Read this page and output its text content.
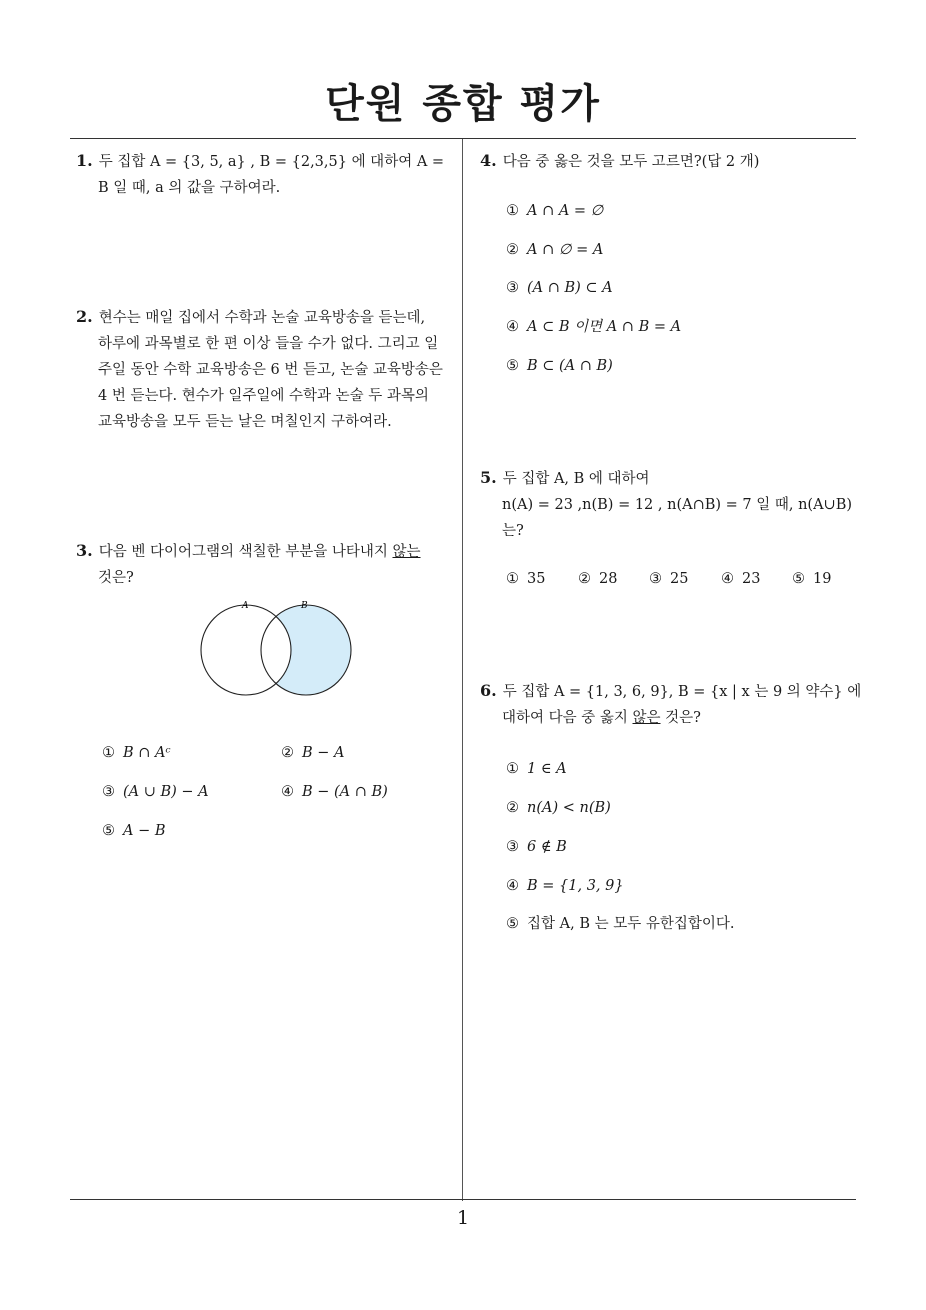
단원 종합 평가
1
1. 두 집합 A = {3, 5, a} , B = {2,3,5} 에 대하여 A =
B 일 때, a 의 값을 구하여라.
2. 현수는 매일 집에서 수학과 논술 교육방송을 듣는데,
하루에 과목별로 한 편 이상 들을 수가 없다. 그리고 일
주일 동안 수학 교육방송은 6 번 듣고, 논술 교육방송은
4 번 듣는다. 현수가 일주일에 수학과 논술 두 과목의
교육방송을 모두 듣는 날은 며칠인지 구하여라.
3. 다음 벤 다이어그램의 색칠한 부분을 나타내지 않는
것은?
A	B
① B ∩ Aᶜ	② B − A
③ (A ∪ B) − A	④ B − (A ∩ B)
⑤ A − B
4. 다음 중 옳은 것을 모두 고르면?(답 2 개)
① A ∩ A = ∅
② A ∩ ∅ = A
③ (A ∩ B) ⊂ A
④ A ⊂ B 이면 A ∩ B = A
⑤ B ⊂ (A ∩ B)
5. 두 집합 A, B 에 대하여
n(A) = 23 ,n(B) = 12 , n(A∩B) = 7 일 때, n(A∪B)
는?
① 35 ② 28 ③ 25 ④ 23 ⑤ 19
6. 두 집합 A = {1, 3, 6, 9}, B = {x | x 는 9 의 약수} 에
대하여 다음 중 옳지 않은 것은?
① 1 ∈ A
② n(A) < n(B)
③ 6 ∉ B
④ B = {1, 3, 9}
⑤ 집합 A, B 는 모두 유한집합이다.
